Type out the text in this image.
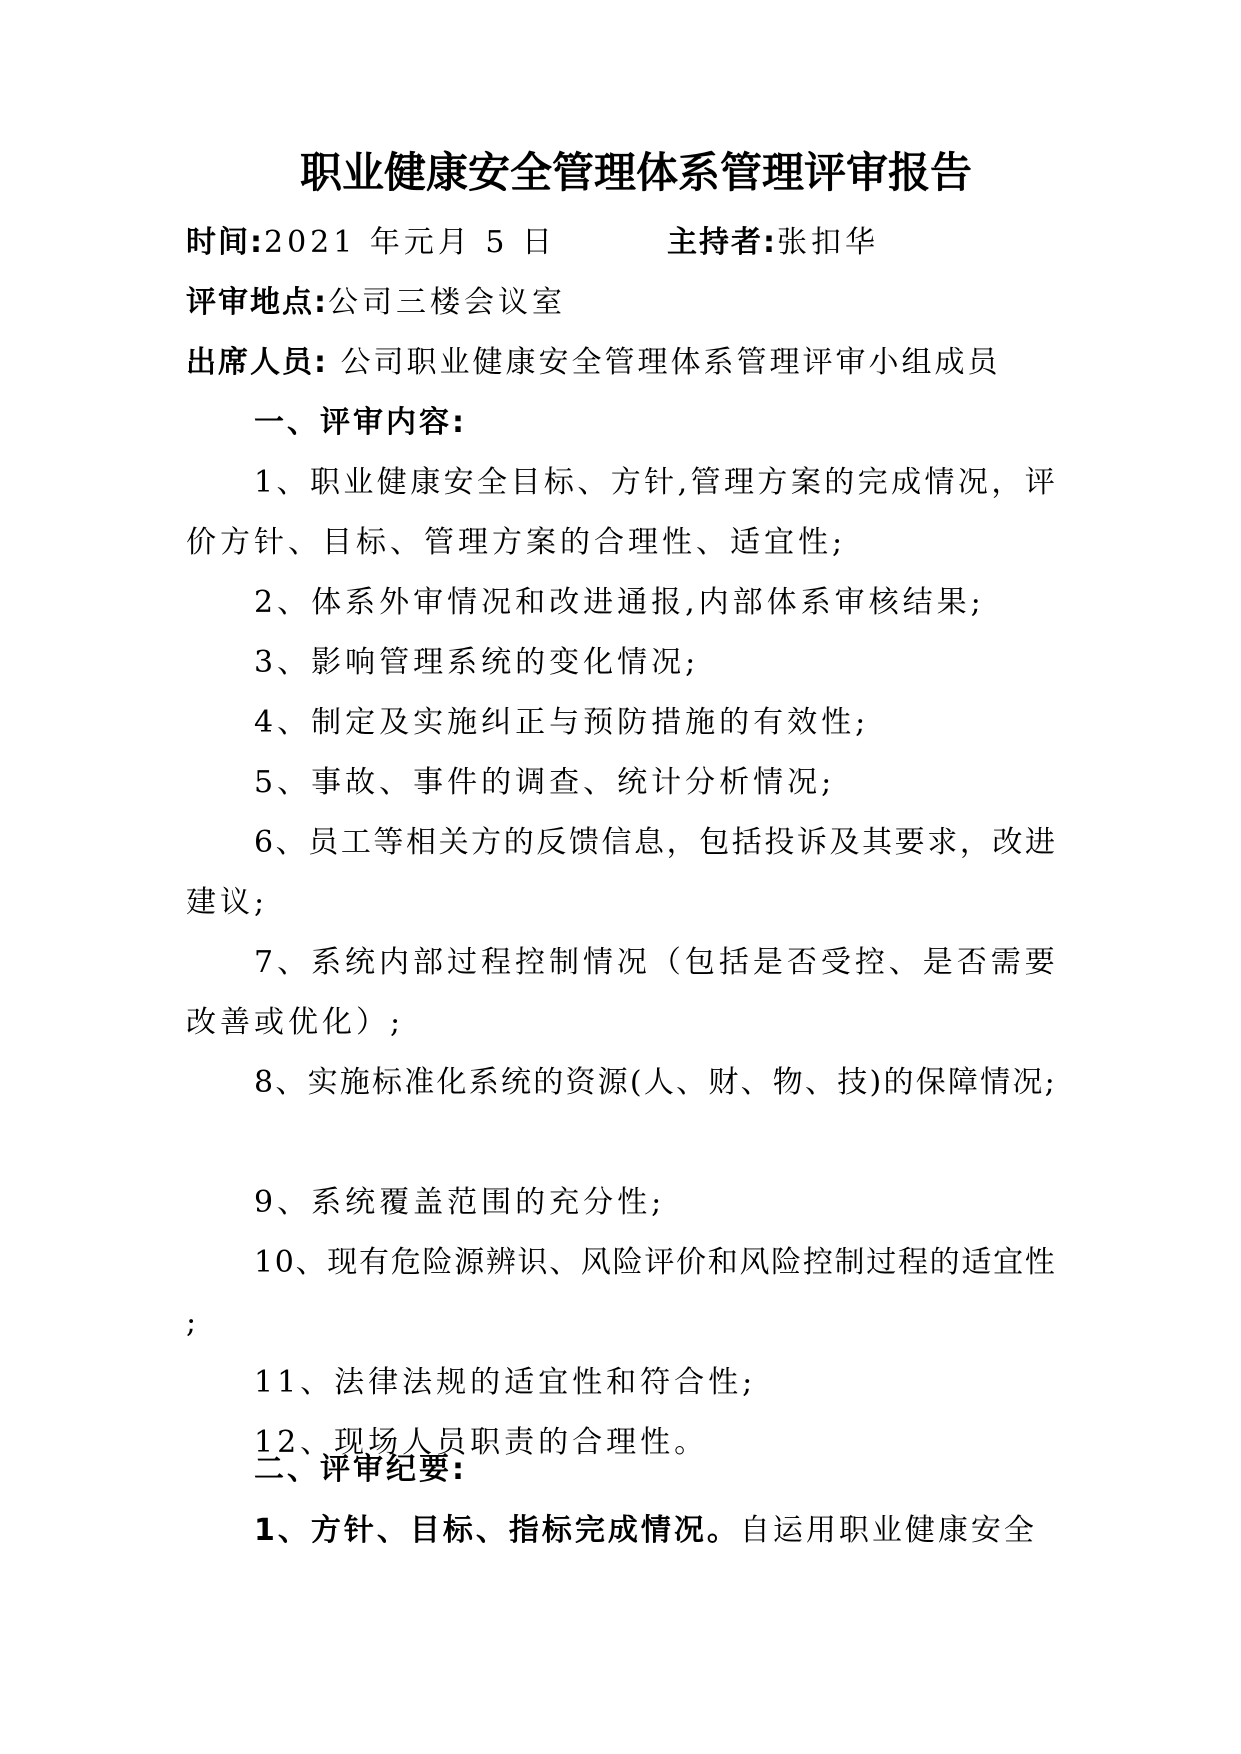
职业健康安全管理体系管理评审报告
时间:2021 年元月 5 日	主持者:张扣华
评审地点:公司三楼会议室
出席人员: 公司职业健康安全管理体系管理评审小组成员
一、评审内容:
1 、 职 业 健 康 安 全 目 标 、 方 针 , 管 理 方 案 的 完 成 情 况 ， 评
价方针、目标、管理方案的合理性、适宜性;
2、体系外审情况和改进通报,内部体系审核结果;
3、影响管理系统的变化情况;
4、制定及实施纠正与预防措施的有效性;
5、事故、事件的调查、统计分析情况;
6 、 员 工 等 相 关 方 的 反 馈 信 息 ， 包 括 投 诉 及 其 要 求 ， 改 进
建议;
7 、 系 统 内 部 过 程 控 制 情 况 （ 包 括 是 否 受 控 、 是 否 需 要
改善或优化）;
8 、 实 施 标 准 化 系 统 的 资 源 ( 人 、 财 、 物 、 技 ) 的 保 障 情 况 ;
9、系统覆盖范围的充分性;
1 0 、 现 有 危 险 源 辨 识 、 风 险 评 价 和 风 险 控 制 过 程 的 适 宜 性
;
11、法律法规的适宜性和符合性;
12、现场人员职责的合理性。
二、评审纪要:
1、方针、目标、指标完成情况。自运用职业健康安全
